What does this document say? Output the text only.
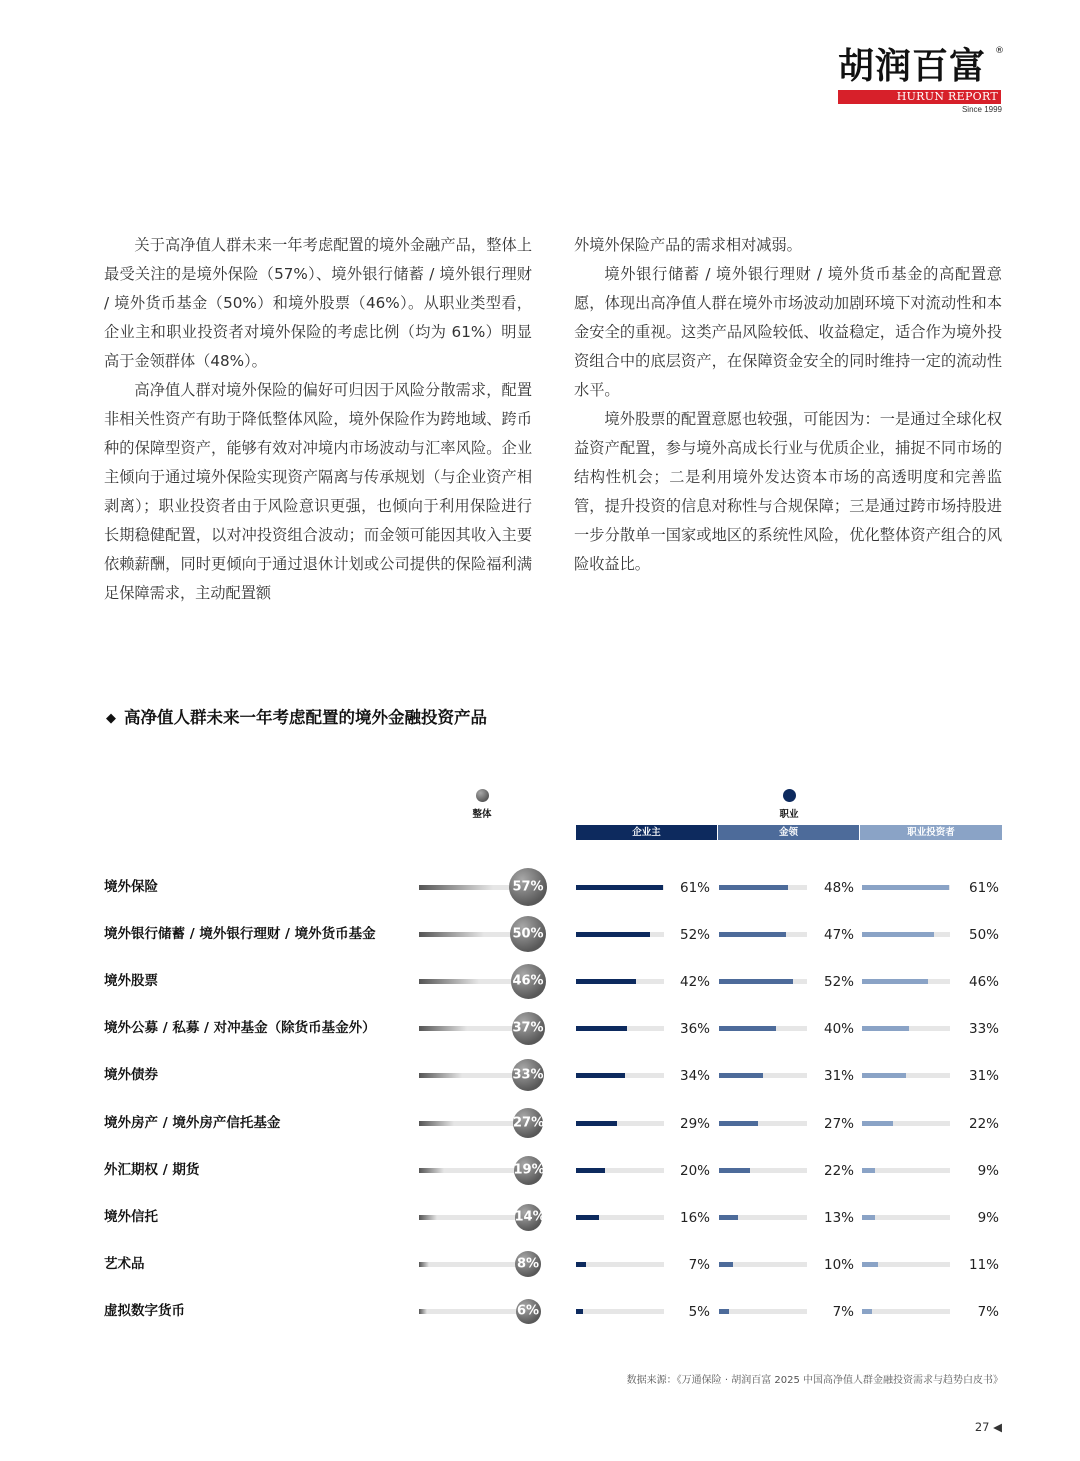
胡润百富 ®
HURUN REPORT
Since 1999

关于高净值人群未来一年考虑配置的境外金融产品，整体上最受关注的是境外保险（57%）、境外银行储蓄 / 境外银行理财 / 境外货币基金（50%）和境外股票（46%）。从职业类型看，企业主和职业投资者对境外保险的考虑比例（均为 61%）明显高于金领群体（48%）。

高净值人群对境外保险的偏好可归因于风险分散需求，配置非相关性资产有助于降低整体风险，境外保险作为跨地域、跨币种的保障型资产，能够有效对冲境内市场波动与汇率风险。企业主倾向于通过境外保险实现资产隔离与传承规划（与企业资产相剥离）；职业投资者由于风险意识更强，也倾向于利用保险进行长期稳健配置，以对冲投资组合波动；而金领可能因其收入主要依赖薪酬，同时更倾向于通过退休计划或公司提供的保险福利满足保障需求，主动配置额

外境外保险产品的需求相对减弱。

境外银行储蓄 / 境外银行理财 / 境外货币基金的高配置意愿，体现出高净值人群在境外市场波动加剧环境下对流动性和本金安全的重视。这类产品风险较低、收益稳定，适合作为境外投资组合中的底层资产，在保障资金安全的同时维持一定的流动性水平。

境外股票的配置意愿也较强，可能因为：一是通过全球化权益资产配置，参与境外高成长行业与优质企业，捕捉不同市场的结构性机会；二是利用境外发达资本市场的高透明度和完善监管，提升投资的信息对称性与合规保障；三是通过跨市场持股进一步分散单一国家或地区的系统性风险，优化整体资产组合的风险收益比。

◆ 高净值人群未来一年考虑配置的境外金融投资产品
整体	职业
企业主	金领	职业投资者
境外保险	57%	61%	48%	61%
境外银行储蓄 / 境外银行理财 / 境外货币基金	50%	52%	47%	50%
境外股票	46%	42%	52%	46%
境外公募 / 私募 / 对冲基金（除货币基金外）	37%	36%	40%	33%
境外债券	33%	34%	31%	31%
境外房产 / 境外房产信托基金	27%	29%	27%	22%
外汇期权 / 期货	19%	20%	22%	9%
境外信托	14%	16%	13%	9%
艺术品	8%	7%	10%	11%
虚拟数字货币	6%	5%	7%	7%
数据来源：《万通保险 · 胡润百富 2025 中国高净值人群金融投资需求与趋势白皮书》
27 ◀
